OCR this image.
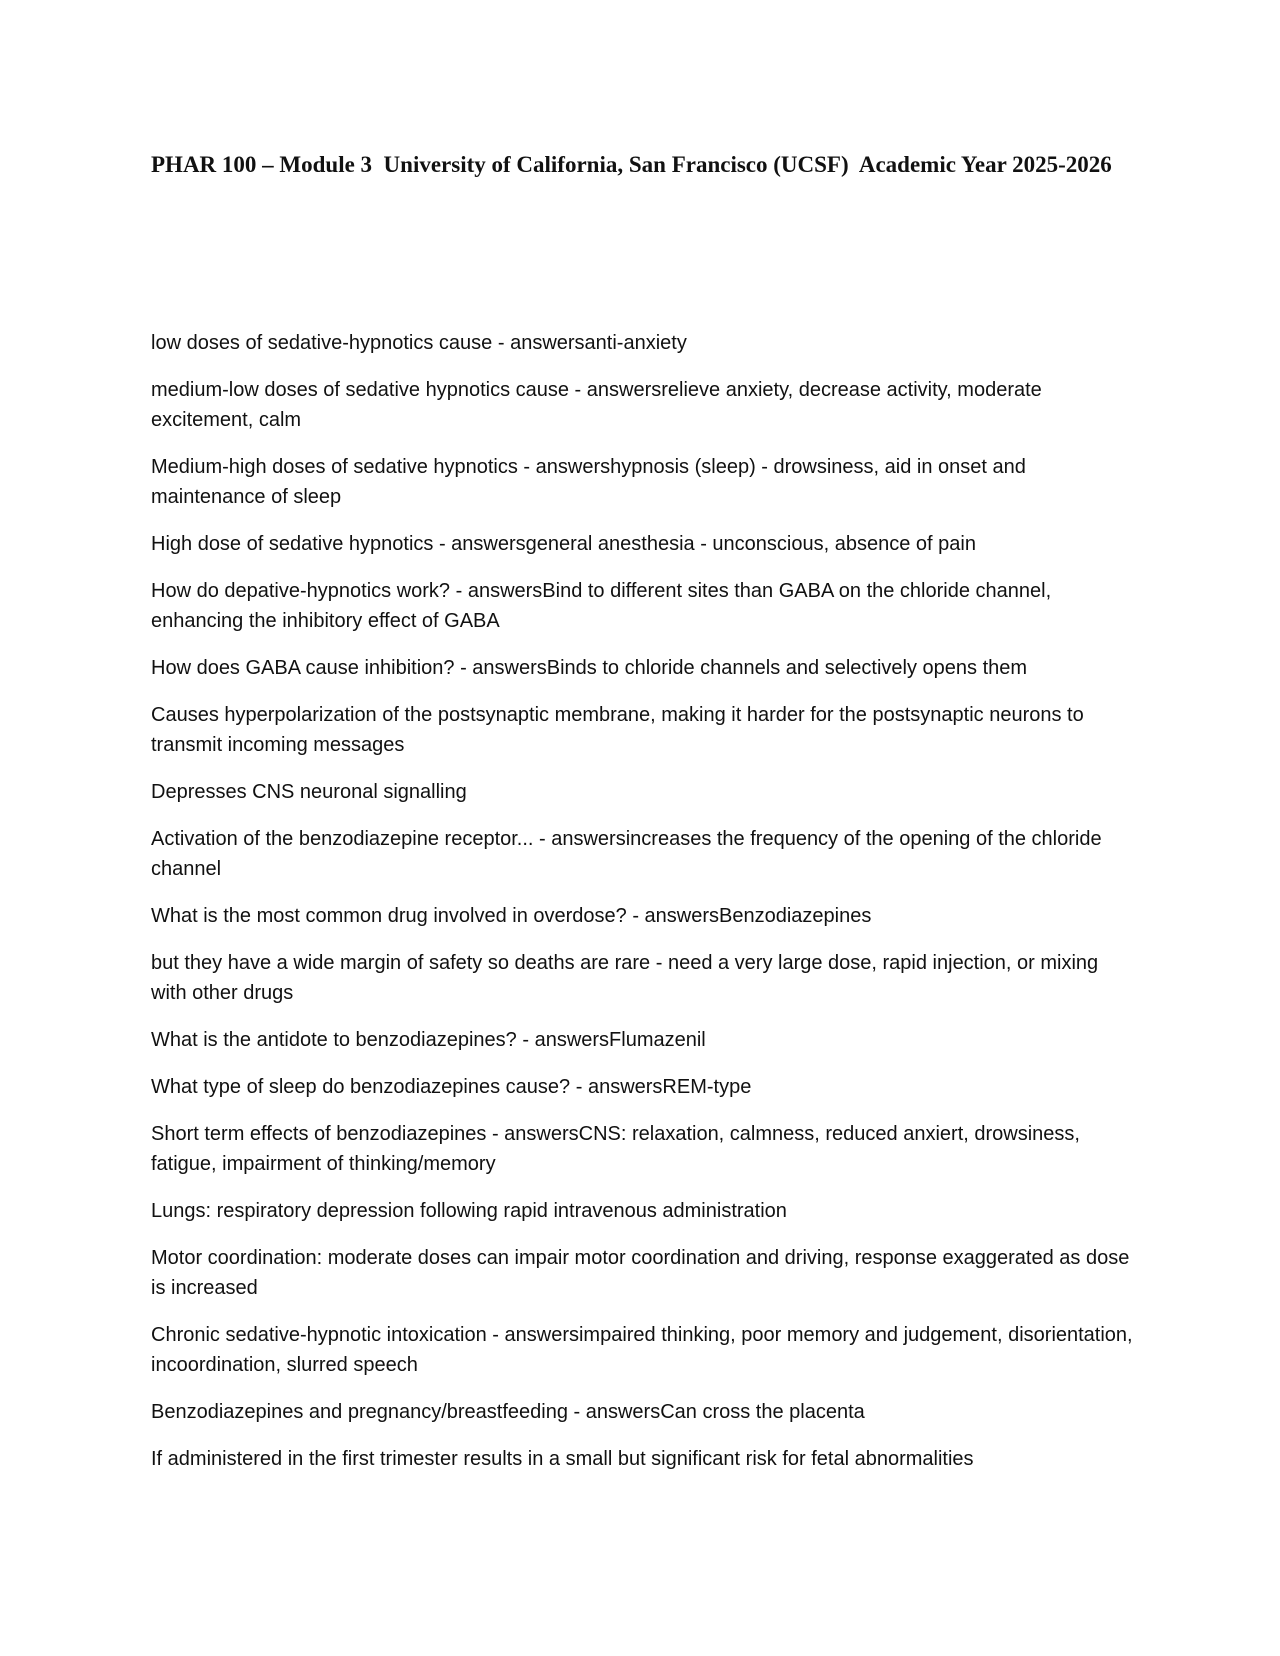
PHAR 100 – Module 3  University of California, San Francisco (UCSF)  Academic Year 2025-2026
low doses of sedative-hypnotics cause - answersanti-anxiety
medium-low doses of sedative hypnotics cause - answersrelieve anxiety, decrease activity, moderate excitement, calm
Medium-high doses of sedative hypnotics - answershypnosis (sleep) - drowsiness, aid in onset and maintenance of sleep
High dose of sedative hypnotics - answersgeneral anesthesia - unconscious, absence of pain
How do depative-hypnotics work? - answersBind to different sites than GABA on the chloride channel, enhancing the inhibitory effect of GABA
How does GABA cause inhibition? - answersBinds to chloride channels and selectively opens them
Causes hyperpolarization of the postsynaptic membrane, making it harder for the postsynaptic neurons to transmit incoming messages
Depresses CNS neuronal signalling
Activation of the benzodiazepine receptor... - answersincreases the frequency of the opening of the chloride channel
What is the most common drug involved in overdose? - answersBenzodiazepines
but they have a wide margin of safety so deaths are rare - need a very large dose, rapid injection, or mixing with other drugs
What is the antidote to benzodiazepines? - answersFlumazenil
What type of sleep do benzodiazepines cause? - answersREM-type
Short term effects of benzodiazepines - answersCNS: relaxation, calmness, reduced anxiert, drowsiness, fatigue, impairment of thinking/memory
Lungs: respiratory depression following rapid intravenous administration
Motor coordination: moderate doses can impair motor coordination and driving, response exaggerated as dose is increased
Chronic sedative-hypnotic intoxication - answersimpaired thinking, poor memory and judgement, disorientation, incoordination, slurred speech
Benzodiazepines and pregnancy/breastfeeding - answersCan cross the placenta
If administered in the first trimester results in a small but significant risk for fetal abnormalities
